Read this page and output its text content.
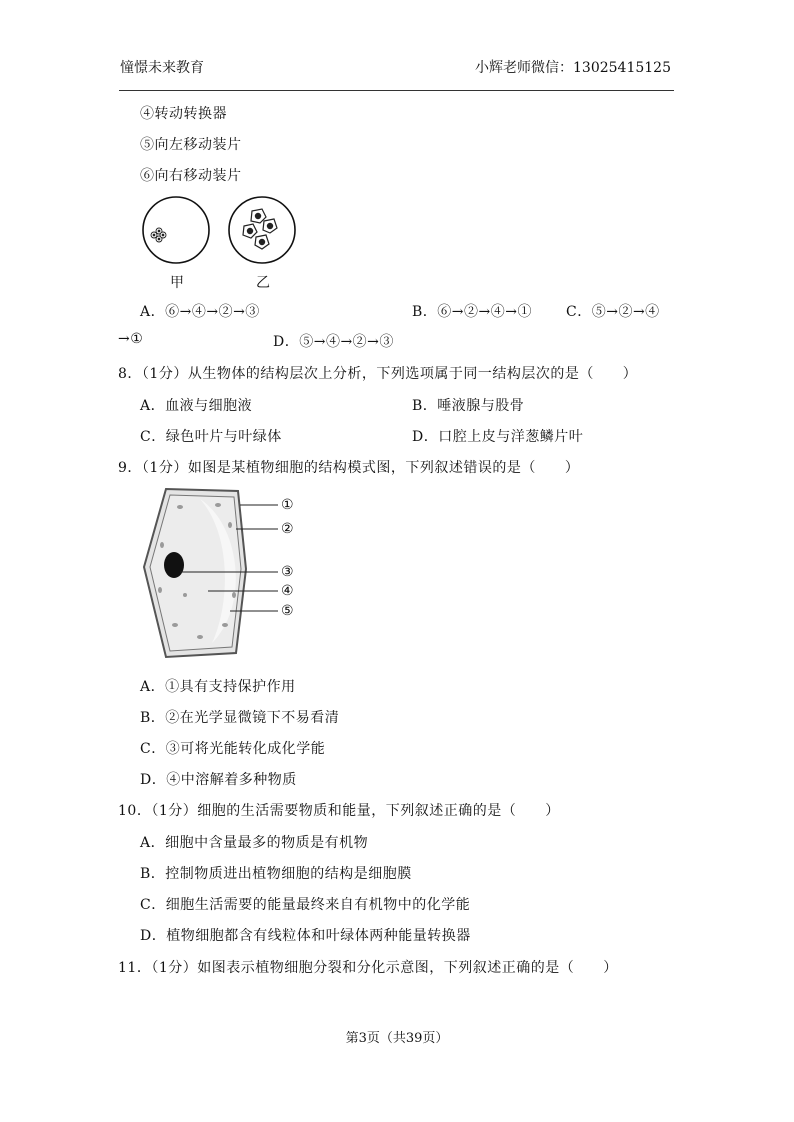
憧憬未来教育	小辉老师微信：13025415125
④转动转换器
⑤向左移动装片
⑥向右移动装片
甲	乙
A．⑥→④→②→③	B．⑥→②→④→① C．⑤→②→④
→①	D．⑤→④→②→③
8．（1分）从生物体的结构层次上分析，下列选项属于同一结构层次的是（　　）
A．血液与细胞液	B．唾液腺与股骨
C．绿色叶片与叶绿体	D．口腔上皮与洋葱鳞片叶
9．（1分）如图是某植物细胞的结构模式图，下列叙述错误的是（　　）
①
②
③
④
⑤
A．①具有支持保护作用
B．②在光学显微镜下不易看清
C．③可将光能转化成化学能
D．④中溶解着多种物质
10．（1分）细胞的生活需要物质和能量，下列叙述正确的是（　　）
A．细胞中含量最多的物质是有机物
B．控制物质进出植物细胞的结构是细胞膜
C．细胞生活需要的能量最终来自有机物中的化学能
D．植物细胞都含有线粒体和叶绿体两种能量转换器
11．（1分）如图表示植物细胞分裂和分化示意图，下列叙述正确的是（　　）
第3页（共39页）
